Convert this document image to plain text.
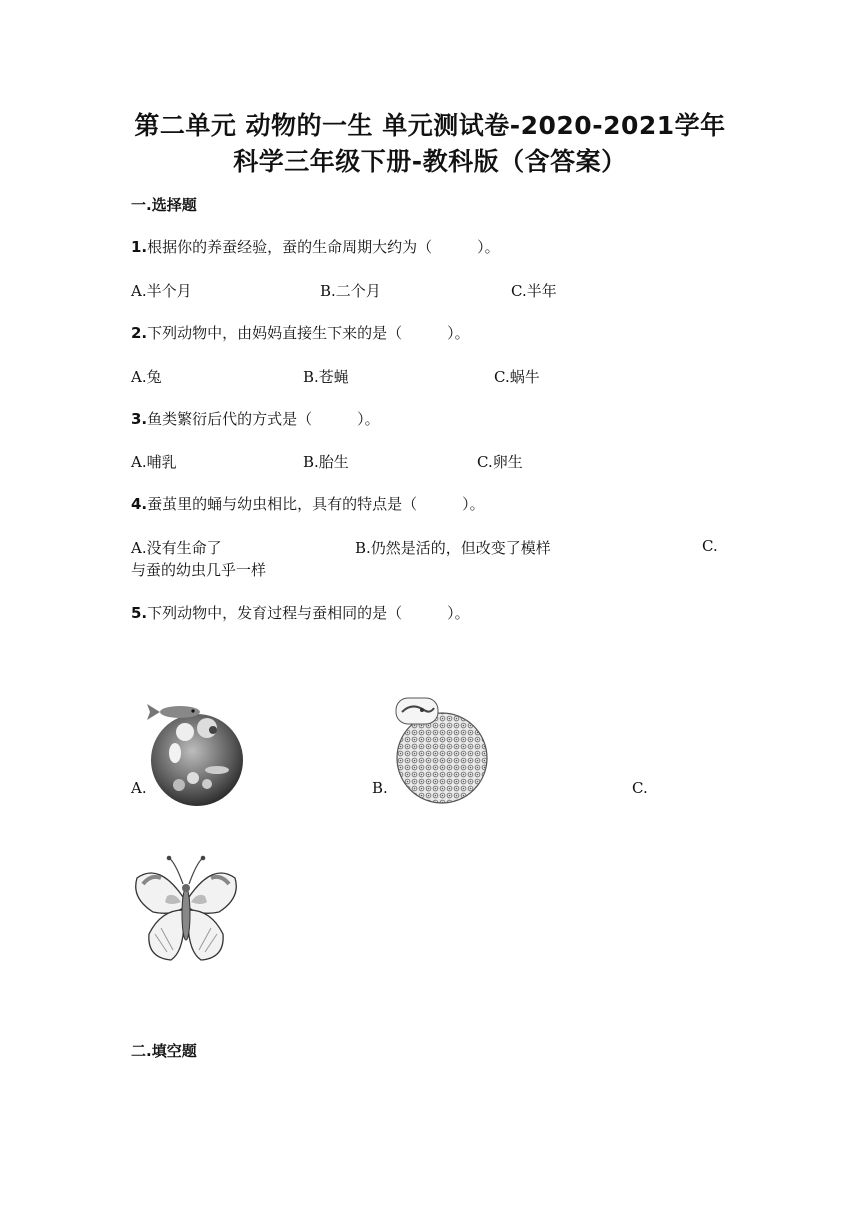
第二单元 动物的一生 单元测试卷-2020-2021学年
科学三年级下册-教科版（含答案）
一.选择题
1.根据你的养蚕经验，蚕的生命周期大约为（　　　）。
A.半个月	B.二个月	C.半年
2.下列动物中，由妈妈直接生下来的是（　　　）。
A.兔	B.苍蝇	C.蜗牛
3.鱼类繁衍后代的方式是（　　　）。
A.哺乳	B.胎生	C.卵生
4.蚕茧里的蛹与幼虫相比，具有的特点是（　　　）。
A.没有生命了	B.仍然是活的，但改变了模样	C.
与蚕的幼虫几乎一样
5.下列动物中，发育过程与蚕相同的是（　　　）。
A.	B.	C.
二.填空题
